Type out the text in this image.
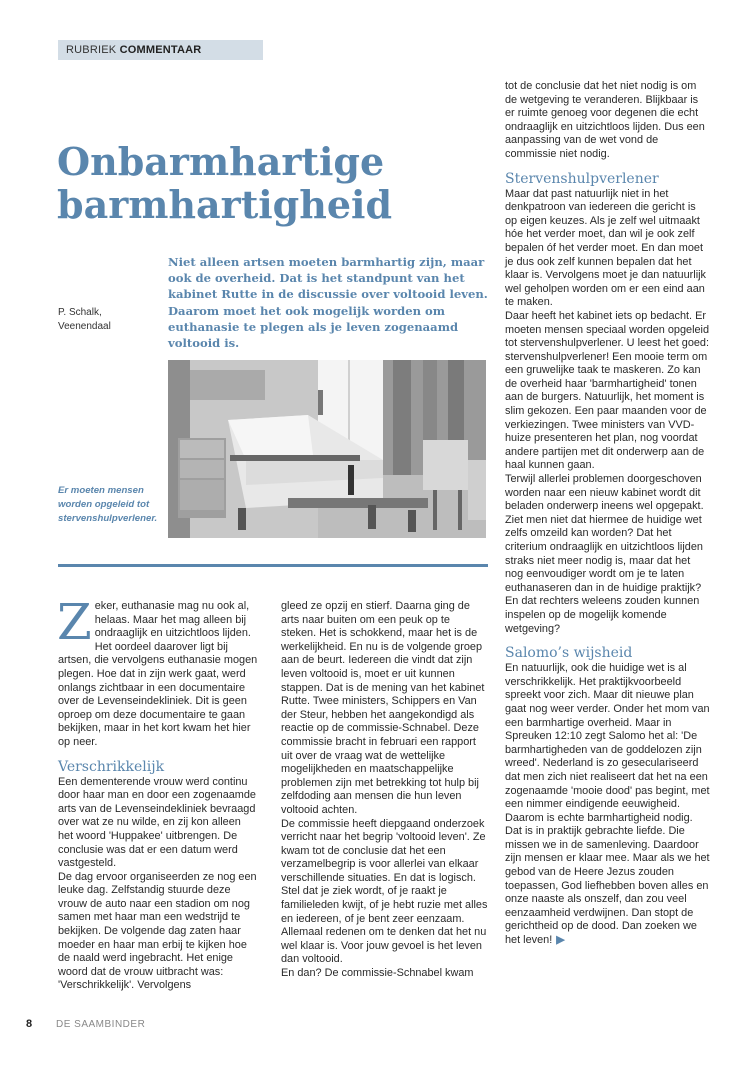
RUBRIEK COMMENTAAR
Onbarmhartige
barmhartigheid

Niet alleen artsen moeten barmhartig zijn, maar ook de overheid. Dat is het standpunt van het kabinet Rutte in de discussie over voltooid leven. Daarom moet het ook mogelijk worden om euthanasie te plegen als je leven zogenaamd voltooid is.

P. Schalk,
Veenendaal

Er moeten mensen worden opgeleid tot stervenshulpverlener.

Zeker, euthanasie mag nu ook al, helaas. Maar het mag alleen bij ondraaglijk en uitzichtloos lijden. Het oordeel daarover ligt bij artsen, die vervolgens euthanasie mogen plegen. Hoe dat in zijn werk gaat, werd onlangs zichtbaar in een documentaire over de Levenseindekliniek. Dit is geen oproep om deze documentaire te gaan bekijken, maar in het kort kwam het hier op neer.

Verschrikkelijk

Een dementerende vrouw werd continu door haar man en door een zogenaamde arts van de Levenseindekliniek bevraagd over wat ze nu wilde, en zij kon alleen het woord 'Huppakee' uitbrengen. De conclusie was dat er een datum werd vastgesteld.

De dag ervoor organiseerden ze nog een leuke dag. Zelfstandig stuurde deze vrouw de auto naar een stadion om nog samen met haar man een wedstrijd te bekijken. De volgende dag zaten haar moeder en haar man erbij te kijken hoe de naald werd ingebracht. Het enige woord dat de vrouw uitbracht was: 'Verschrikkelijk'. Vervolgens

gleed ze opzij en stierf. Daarna ging de arts naar buiten om een peuk op te steken. Het is schokkend, maar het is de werkelijkheid. En nu is de volgende groep aan de beurt. Iedereen die vindt dat zijn leven voltooid is, moet er uit kunnen stappen. Dat is de mening van het kabinet Rutte. Twee ministers, Schippers en Van der Steur, hebben het aangekondigd als reactie op de commissie-Schnabel. Deze commissie bracht in februari een rapport uit over de vraag wat de wettelijke mogelijkheden en maatschappelijke problemen zijn met betrekking tot hulp bij zelfdoding aan mensen die hun leven voltooid achten.

De commissie heeft diepgaand onderzoek verricht naar het begrip 'voltooid leven'. Ze kwam tot de conclusie dat het een verzamelbegrip is voor allerlei van elkaar verschillende situaties. En dat is logisch. Stel dat je ziek wordt, of je raakt je familieleden kwijt, of je hebt ruzie met alles en iedereen, of je bent zeer eenzaam. Allemaal redenen om te denken dat het nu wel klaar is. Voor jouw gevoel is het leven dan voltooid.

En dan? De commissie-Schnabel kwam

tot de conclusie dat het niet nodig is om de wetgeving te veranderen. Blijkbaar is er ruimte genoeg voor degenen die echt ondraaglijk en uitzichtloos lijden. Dus een aanpassing van de wet vond de commissie niet nodig.

Stervenshulpverlener

Maar dat past natuurlijk niet in het denkpatroon van iedereen die gericht is op eigen keuzes. Als je zelf wel uitmaakt hóe het verder moet, dan wil je ook zelf bepalen óf het verder moet. En dan moet je dus ook zelf kunnen bepalen dat het klaar is. Vervolgens moet je dan natuurlijk wel geholpen worden om er een eind aan te maken.

Daar heeft het kabinet iets op bedacht. Er moeten mensen speciaal worden opgeleid tot stervenshulpverlener. U leest het goed: stervenshulpverlener! Een mooie term om een gruwelijke taak te maskeren. Zo kan de overheid haar 'barmhartigheid' tonen aan de burgers. Natuurlijk, het moment is slim gekozen. Een paar maanden voor de verkiezingen. Twee ministers van VVD-huize presenteren het plan, nog voordat andere partijen met dit onderwerp aan de haal kunnen gaan.

Terwijl allerlei problemen doorgeschoven worden naar een nieuw kabinet wordt dit beladen onderwerp ineens wel opgepakt. Ziet men niet dat hiermee de huidige wet zelfs omzeild kan worden? Dat het criterium ondraaglijk en uitzichtloos lijden straks niet meer nodig is, maar dat het nog eenvoudiger wordt om je te laten euthanaseren dan in de huidige praktijk? En dat rechters weleens zouden kunnen inspelen op de mogelijk komende wetgeving?

Salomo’s wijsheid

En natuurlijk, ook die huidige wet is al verschrikkelijk. Het praktijkvoorbeeld spreekt voor zich. Maar dit nieuwe plan gaat nog weer verder. Onder het mom van een barmhartige overheid. Maar in Spreuken 12:10 zegt Salomo het al: 'De barmhartigheden van de goddelozen zijn wreed'. Nederland is zo geseculariseerd dat men zich niet realiseert dat het na een zogenaamde 'mooie dood' pas begint, met een nimmer eindigende eeuwigheid.

Daarom is echte barmhartigheid nodig. Dat is in praktijk gebrachte liefde. Die missen we in de samenleving. Daardoor zijn mensen er klaar mee. Maar als we het gebod van de Heere Jezus zouden toepassen, God liefhebben boven alles en onze naaste als onszelf, dan zou veel eenzaamheid verdwijnen. Dan stopt de gerichtheid op de dood. Dan zoeken we het leven! ▶

8 DE SAAMBINDER
